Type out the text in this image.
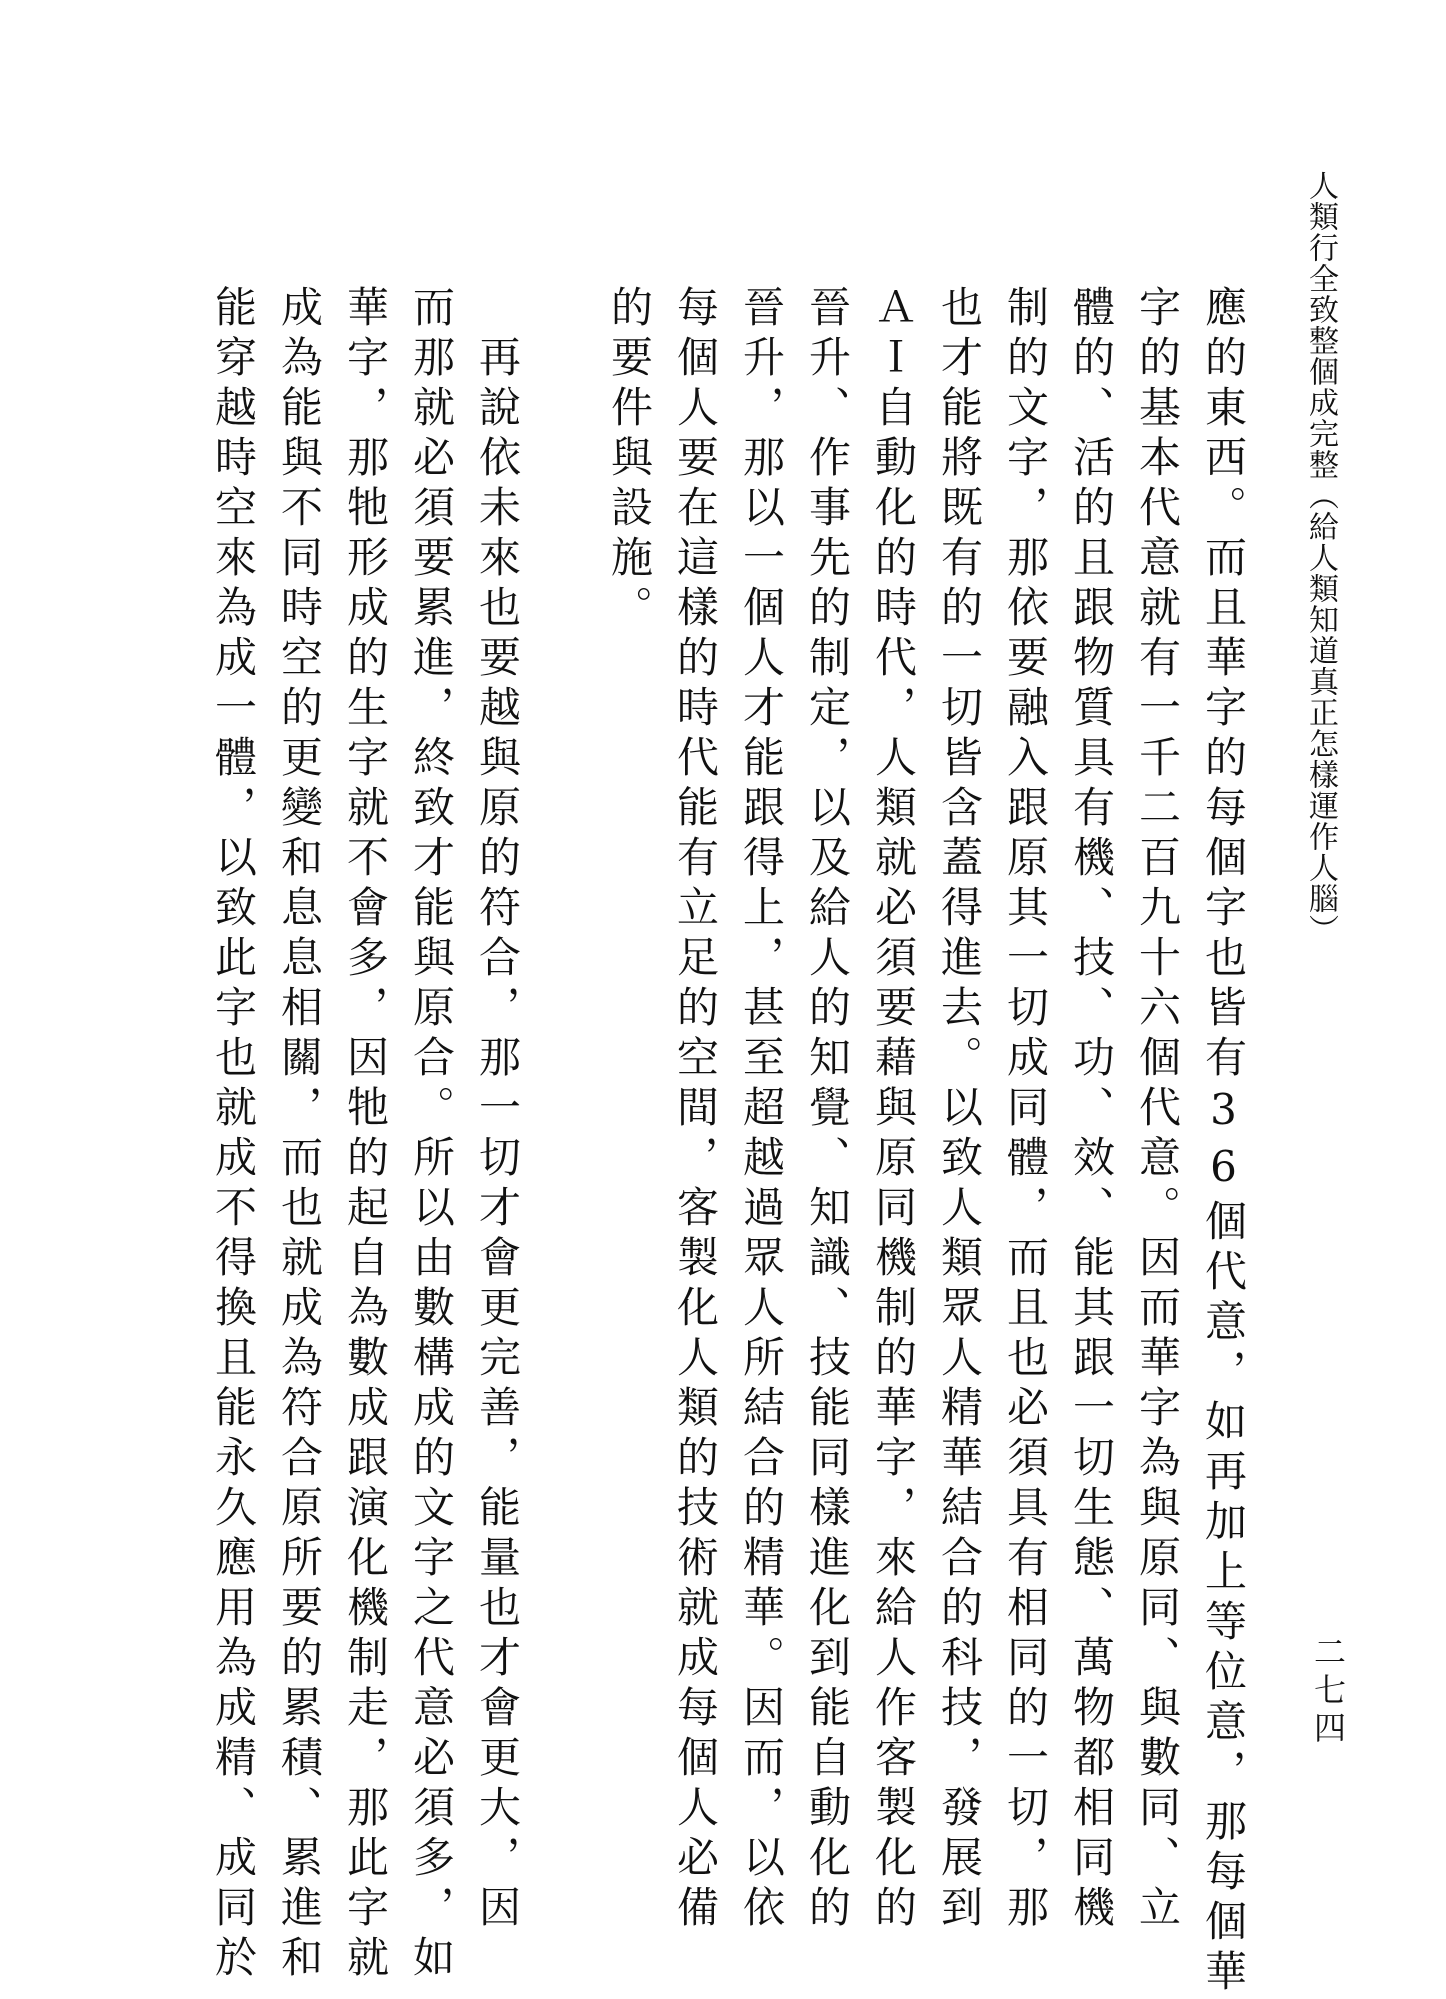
人類行全致整個成完整（給人類知道真正怎樣運作人腦）
應的東西。而且華字的每個字也皆有36個代意，如再加上等位意，那每個華
字的基本代意就有一千二百九十六個代意。因而華字為與原同、與數同、立
體的、活的且跟物質具有機、技、功、效、能其跟一切生態、萬物都相同機
制的文字，那依要融入跟原其一切成同體，而且也必須具有相同的一切，那
也才能將既有的一切皆含蓋得進去。以致人類眾人精華結合的科技，發展到
ＡＩ自動化的時代，人類就必須要藉與原同機制的華字，來給人作客製化的
晉升、作事先的制定，以及給人的知覺、知識、技能同樣進化到能自動化的
晉升，那以一個人才能跟得上，甚至超越過眾人所結合的精華。因而，以依
每個人要在這樣的時代能有立足的空間，客製化人類的技術就成每個人必備
的要件與設施。
　再說依未來也要越與原的符合，那一切才會更完善，能量也才會更大，因
而那就必須要累進，終致才能與原合。所以由數構成的文字之代意必須多，如
華字，那牠形成的生字就不會多，因牠的起自為數成跟演化機制走，那此字就
成為能與不同時空的更變和息息相關，而也就成為符合原所要的累積、累進和
能穿越時空來為成一體，以致此字也就成不得換且能永久應用為成精、成同於	二七四
